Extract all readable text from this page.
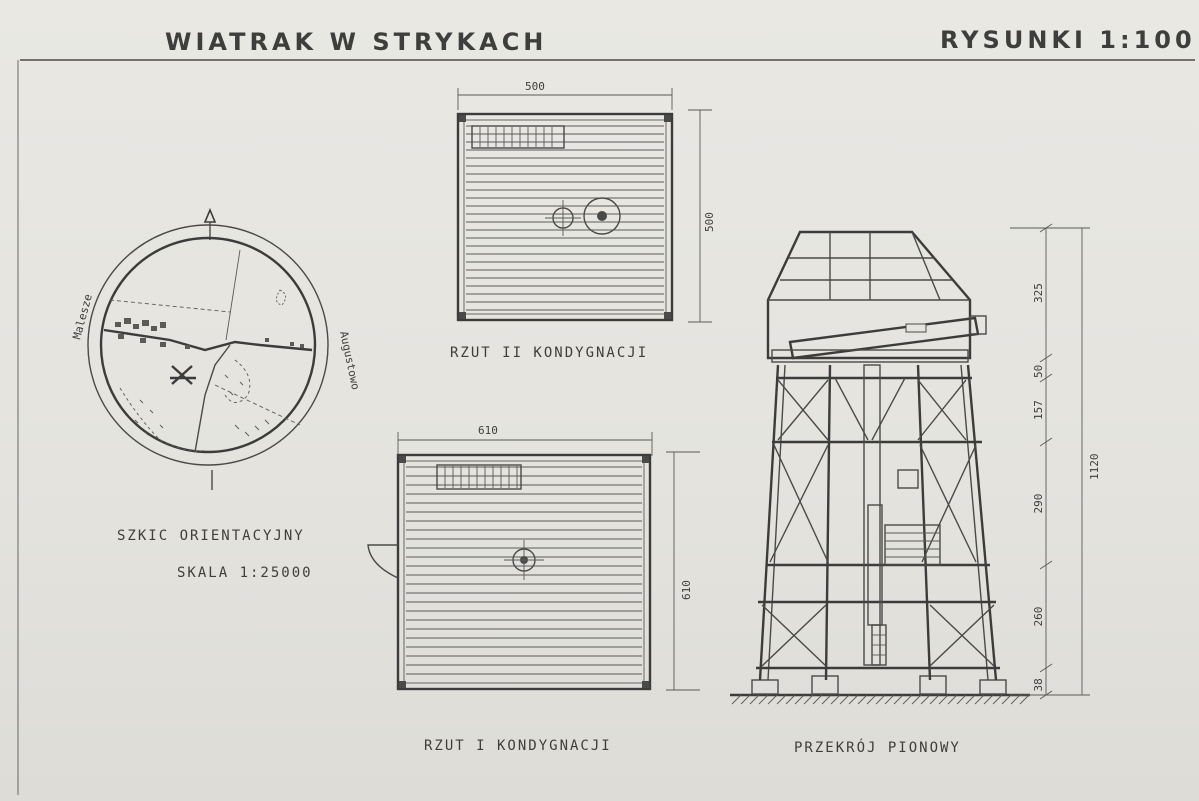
WIATRAK W STRYKACH	RYSUNKI 1:100
Malesze
Augustowo
SZKIC ORIENTACYJNY
SKALA 1:25000
500
500
RZUT II KONDYGNACJI
610
610
RZUT I KONDYGNACJI
325
50
157
290
260
38
1120
PRZEKRÓJ PIONOWY
